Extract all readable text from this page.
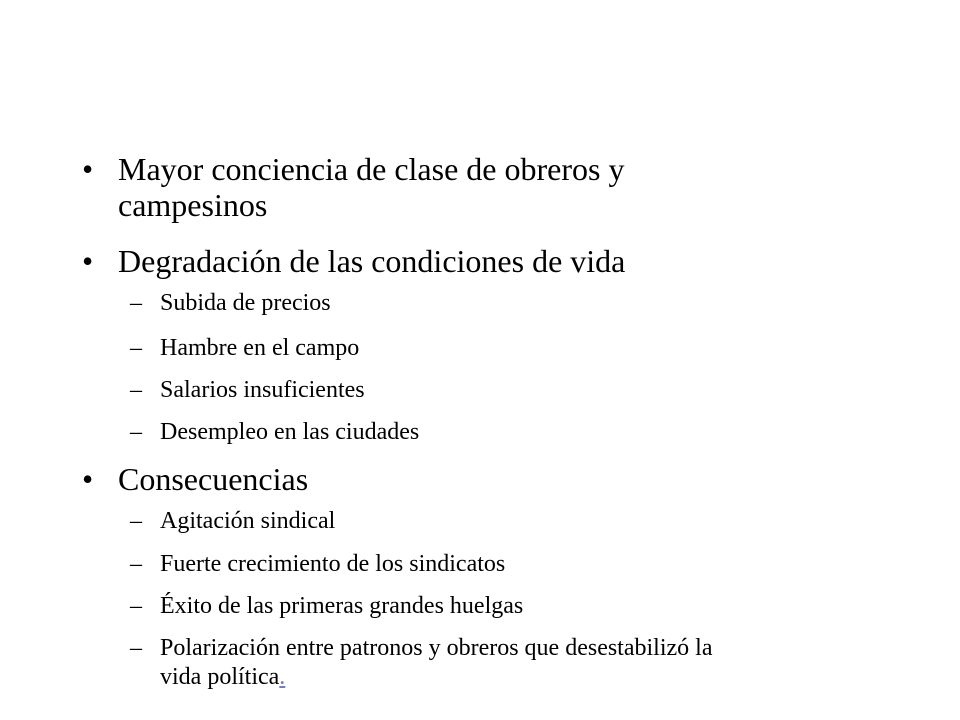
• Mayor conciencia de clase de obreros y campesinos
• Degradación de las condiciones de vida
– Subida de precios
– Hambre en el campo
– Salarios insuficientes
– Desempleo en las ciudades
• Consecuencias
– Agitación sindical
– Fuerte crecimiento de los sindicatos
– Éxito de las primeras grandes huelgas
– Polarización entre patronos y obreros que desestabilizó la vida política.
